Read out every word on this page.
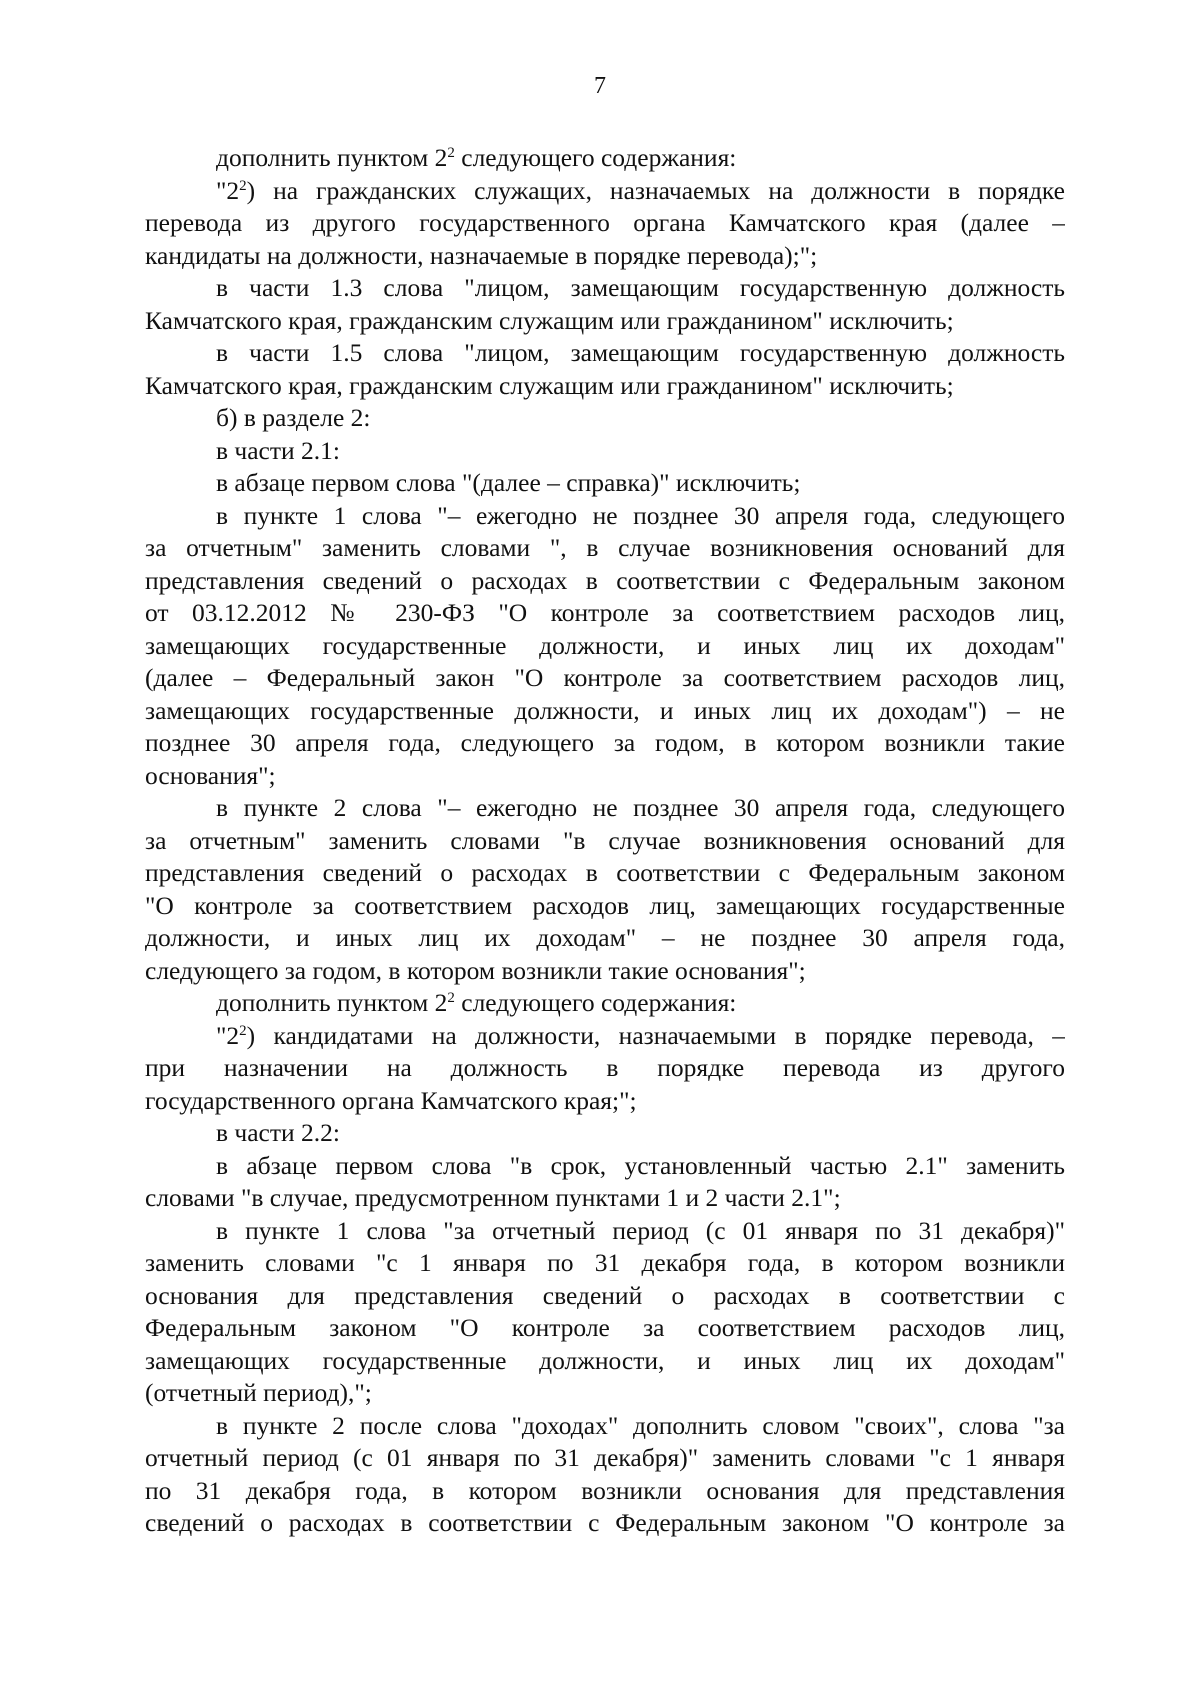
7
дополнить пунктом $2^2$ следующего содержания:
"$2^2$) на гражданских служащих, назначаемых на должности в порядке
перевода из другого государственного органа Камчатского края (далее –
кандидаты на должности, назначаемые в порядке перевода);";
в части 1.3 слова "лицом, замещающим государственную должность
Камчатского края, гражданским служащим или гражданином" исключить;
в части 1.5 слова "лицом, замещающим государственную должность
Камчатского края, гражданским служащим или гражданином" исключить;
б) в разделе 2:
в части 2.1:
в абзаце первом слова "(далее – справка)" исключить;
в пункте 1 слова "– ежегодно не позднее 30 апреля года, следующего
за отчетным" заменить словами ", в случае возникновения оснований для
представления сведений о расходах в соответствии с Федеральным законом
от 03.12.2012 № 230-ФЗ "О контроле за соответствием расходов лиц,
замещающих государственные должности, и иных лиц их доходам"
(далее – Федеральный закон "О контроле за соответствием расходов лиц,
замещающих государственные должности, и иных лиц их доходам") – не
позднее 30 апреля года, следующего за годом, в котором возникли такие
основания";
в пункте 2 слова "– ежегодно не позднее 30 апреля года, следующего
за отчетным" заменить словами "в случае возникновения оснований для
представления сведений о расходах в соответствии с Федеральным законом
"О контроле за соответствием расходов лиц, замещающих государственные
должности, и иных лиц их доходам" – не позднее 30 апреля года,
следующего за годом, в котором возникли такие основания";
дополнить пунктом $2^2$ следующего содержания:
"$2^2$) кандидатами на должности, назначаемыми в порядке перевода, –
при назначении на должность в порядке перевода из другого
государственного органа Камчатского края;";
в части 2.2:
в абзаце первом слова "в срок, установленный частью 2.1" заменить
словами "в случае, предусмотренном пунктами 1 и 2 части 2.1";
в пункте 1 слова "за отчетный период (с 01 января по 31 декабря)"
заменить словами "с 1 января по 31 декабря года, в котором возникли
основания для представления сведений о расходах в соответствии с
Федеральным законом "О контроле за соответствием расходов лиц,
замещающих государственные должности, и иных лиц их доходам"
(отчетный период),";
в пункте 2 после слова "доходах" дополнить словом "своих", слова "за
отчетный период (с 01 января по 31 декабря)" заменить словами "с 1 января
по 31 декабря года, в котором возникли основания для представления
сведений о расходах в соответствии с Федеральным законом "О контроле за
